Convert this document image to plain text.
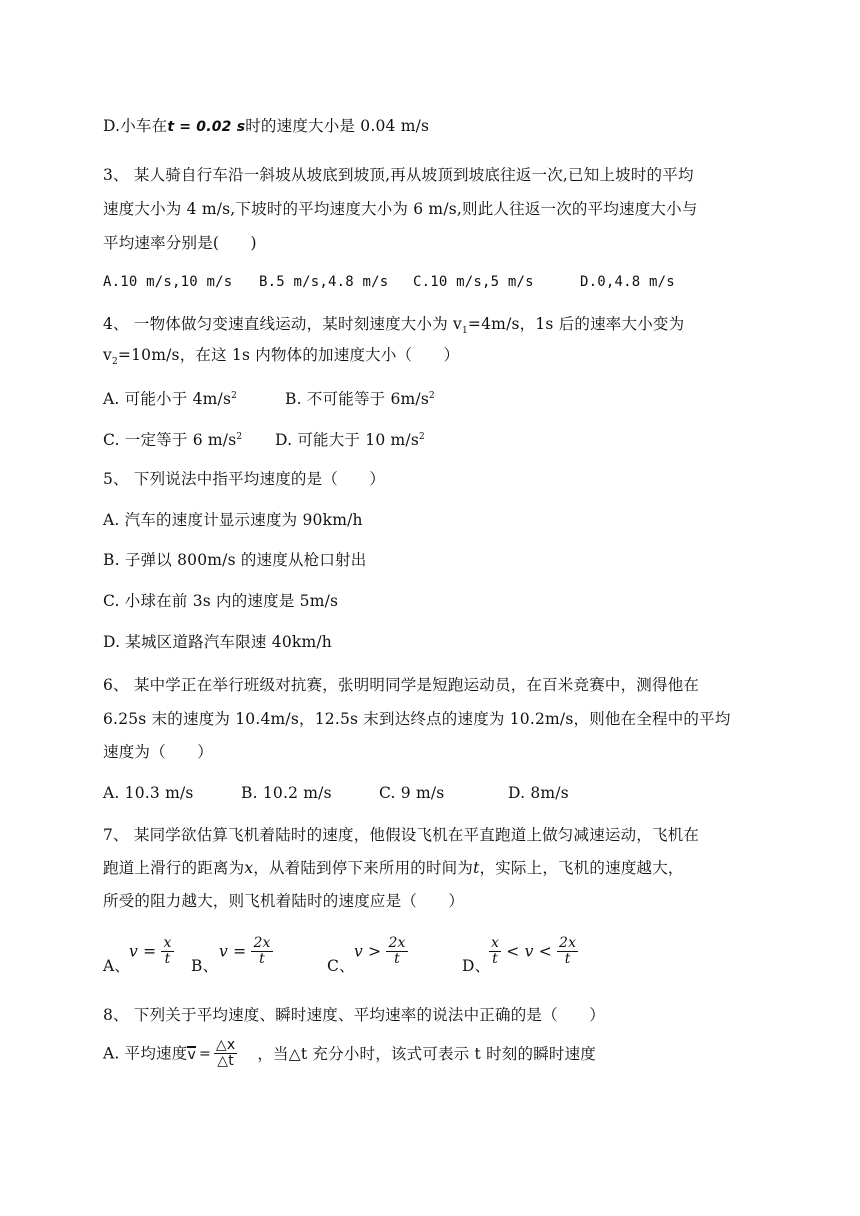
D.小车在t = 0.02 s时的速度大小是 0.04 m/s
3、 某人骑自行车沿一斜坡从坡底到坡顶,再从坡顶到坡底往返一次,已知上坡时的平均
速度大小为 4 m/s,下坡时的平均速度大小为 6 m/s,则此人往返一次的平均速度大小与
平均速率分别是(　　)
A.10 m/s,10 m/s B.5 m/s,4.8 m/s C.10 m/s,5 m/s	D.0,4.8 m/s
4、 一物体做匀变速直线运动，某时刻速度大小为 $v_1=4m/s$，1s 后的速率大小变为
$v_2=10m/s$，在这 1s 内物体的加速度大小（　　）
A. 可能小于 $4m/s^2$	B. 不可能等于 $6m/s^2$
C. 一定等于 6 $m/s^2$ D. 可能大于 10 $m/s^2$
5、 下列说法中指平均速度的是（　　）
A. 汽车的速度计显示速度为 90km/h
B. 子弹以 800m/s 的速度从枪口射出
C. 小球在前 3s 内的速度是 5m/s
D. 某城区道路汽车限速 40km/h
6、 某中学正在举行班级对抗赛，张明明同学是短跑运动员，在百米竞赛中，测得他在
6.25s 末的速度为 10.4m/s，12.5s 末到达终点的速度为 10.2m/s，则他在全程中的平均
速度为（　　）
A. 10.3 m/s	B. 10.2 m/s	C. 9 m/s	D. 8m/s
7、 某同学欲估算飞机着陆时的速度，他假设飞机在平直跑道上做匀减速运动，飞机在
跑道上滑行的距离为x，从着陆到停下来所用的时间为t，实际上，飞机的速度越大，
所受的阻力越大，则飞机着陆时的速度应是（　　）
A、
$v = \frac{x}{t}$ B、
$v = \frac{2x}{t}$	C、
$v > \frac{2x}{t}$	D、
$\frac{x}{t} < v < \frac{2x}{t}$
8、 下列关于平均速度、瞬时速度、平均速率的说法中正确的是（　　）
A. 平均速度 $v = \frac{\triangle x}{\triangle t}$ ，当△t 充分小时，该式可表示 t 时刻的瞬时速度
